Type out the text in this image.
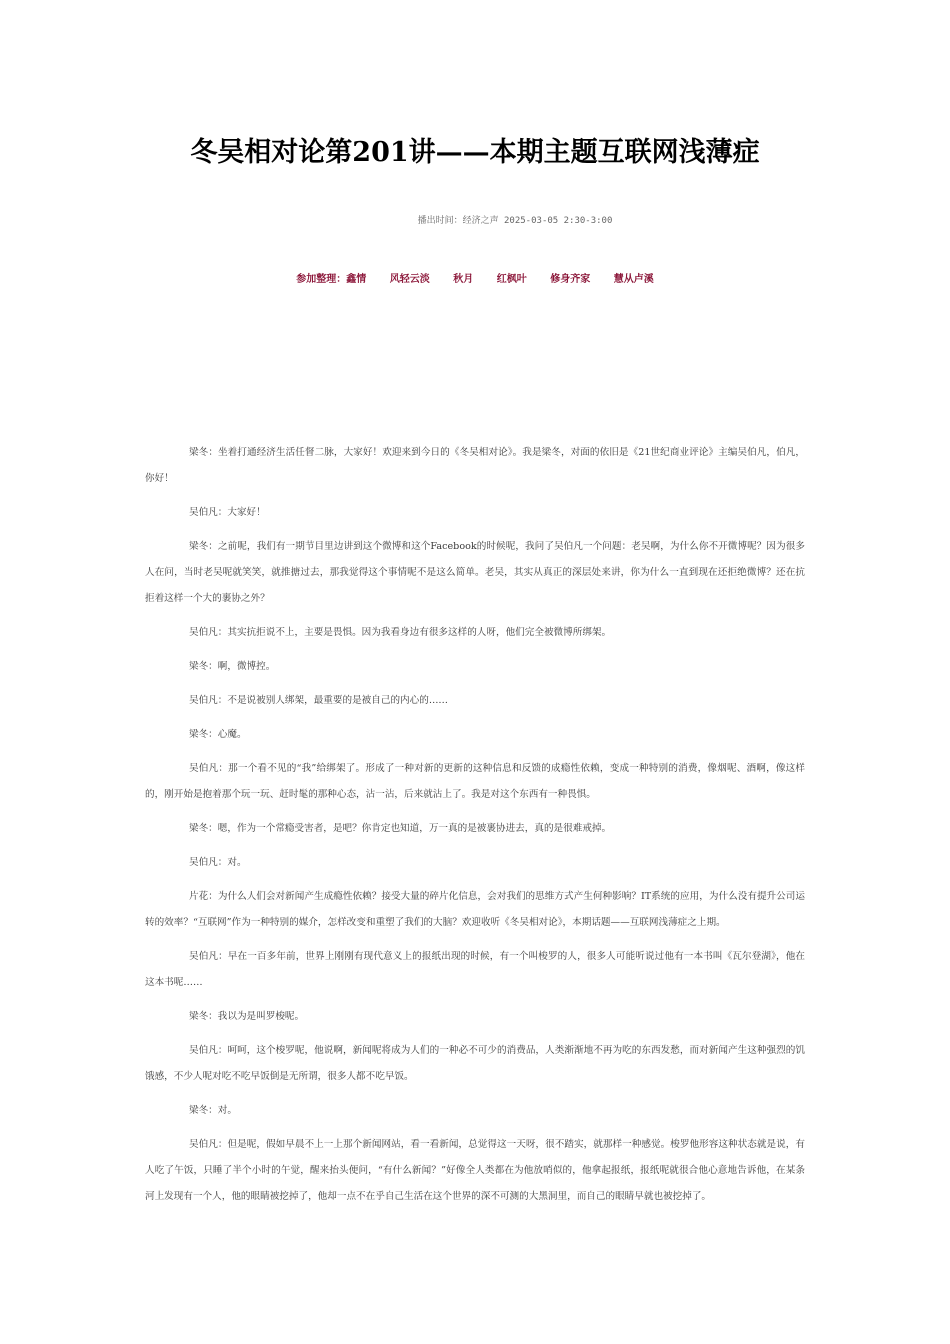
冬吴相对论第201讲——本期主题互联网浅薄症
播出时间：经济之声 2025-03-05 2:30-3:00
参加整理：鑫情 风轻云淡 秋月 红枫叶 修身齐家 慧从卢溪

梁冬：坐着打通经济生活任督二脉，大家好！欢迎来到今日的《冬吴相对论》。我是梁冬，对面的依旧是《21世纪商业评论》主编吴伯凡，伯凡，你好！

吴伯凡：大家好！

梁冬：之前呢，我们有一期节目里边讲到这个微博和这个Facebook的时候呢，我问了吴伯凡一个问题：老吴啊，为什么你不开微博呢？因为很多人在问，当时老吴呢就笑笑，就推搪过去，那我觉得这个事情呢不是这么简单。老吴，其实从真正的深层处来讲，你为什么一直到现在还拒绝微博？还在抗拒着这样一个大的裹协之外？

吴伯凡：其实抗拒说不上，主要是畏惧。因为我看身边有很多这样的人呀，他们完全被微博所绑架。

梁冬：啊，微博控。

吴伯凡：不是说被别人绑架，最重要的是被自己的内心的……

梁冬：心魔。

吴伯凡：那一个看不见的“我”给绑架了。形成了一种对新的更新的这种信息和反馈的成瘾性依赖，变成一种特别的消费，像烟呢、酒啊，像这样的，刚开始是抱着那个玩一玩、赶时髦的那种心态，沾一沾，后来就沾上了。我是对这个东西有一种畏惧。

梁冬：嗯，作为一个常瘾受害者，是吧？你肯定也知道，万一真的是被裹协进去，真的是很难戒掉。

吴伯凡：对。

片花：为什么人们会对新闻产生成瘾性依赖？接受大量的碎片化信息，会对我们的思维方式产生何种影响？IT系统的应用，为什么没有提升公司运转的效率？“互联网”作为一种特别的媒介，怎样改变和重塑了我们的大脑？欢迎收听《冬吴相对论》，本期话题——互联网浅薄症之上期。

吴伯凡：早在一百多年前，世界上刚刚有现代意义上的报纸出现的时候，有一个叫梭罗的人，很多人可能听说过他有一本书叫《瓦尔登湖》，他在这本书呢……

梁冬：我以为是叫罗梭呢。

吴伯凡：呵呵，这个梭罗呢，他说啊，新闻呢将成为人们的一种必不可少的消费品，人类渐渐地不再为吃的东西发愁，而对新闻产生这种强烈的饥饿感，不少人呢对吃不吃早饭倒是无所谓，很多人都不吃早饭。

梁冬：对。

吴伯凡：但是呢，假如早晨不上一上那个新闻网站，看一看新闻，总觉得这一天呀，很不踏实，就那样一种感觉。梭罗他形容这种状态就是说，有人吃了午饭，只睡了半个小时的午觉，醒来抬头便问，“有什么新闻？”好像全人类都在为他放哨似的，他拿起报纸，报纸呢就很合他心意地告诉他，在某条河上发现有一个人，他的眼睛被挖掉了，他却一点不在乎自己生活在这个世界的深不可测的大黑洞里，而自己的眼睛早就也被挖掉了。
